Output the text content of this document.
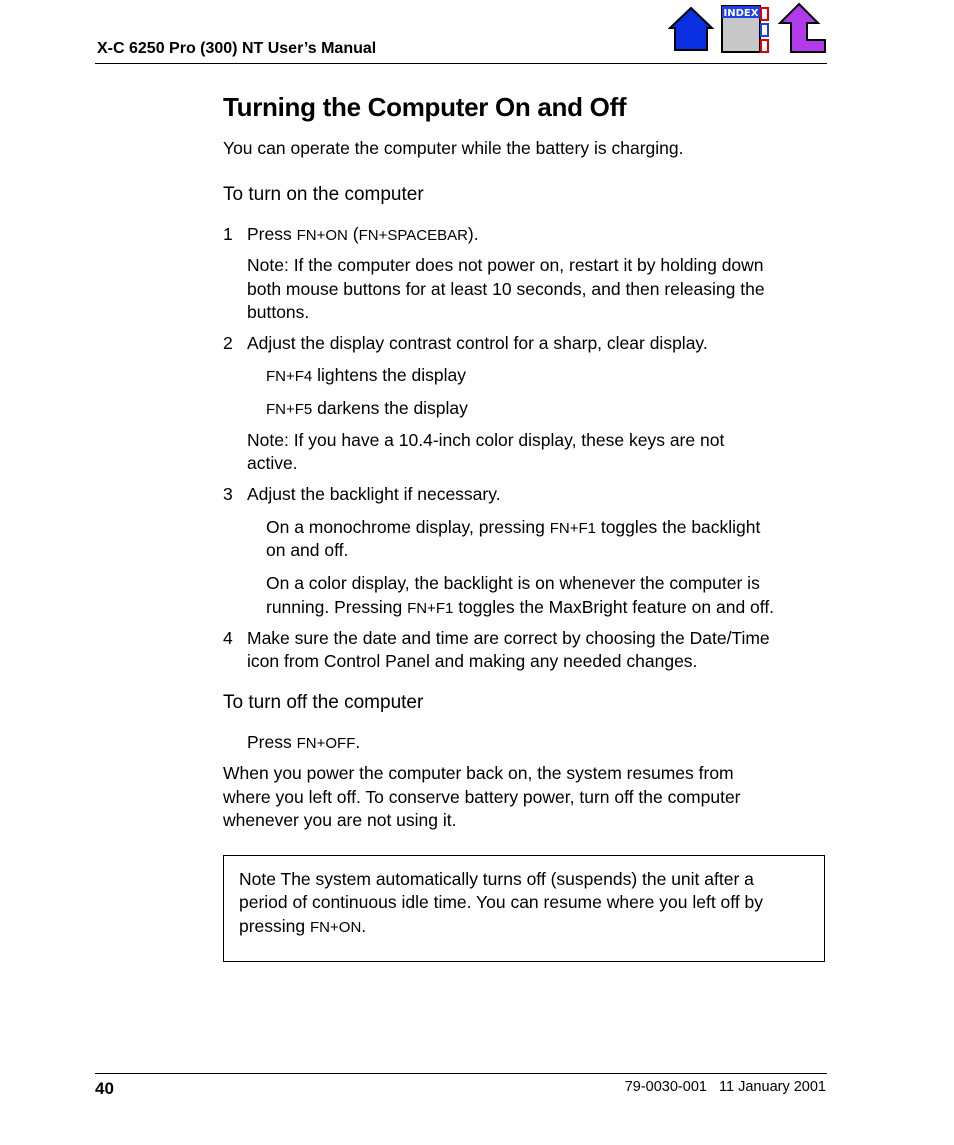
X-C 6250 Pro (300) NT User’s Manual
INDEX
Turning the Computer On and Off

You can operate the computer while the battery is charging.

To turn on the computer
1 Press FN+ON (FN+SPACEBAR).

Note: If the computer does not power on, restart it by holding down

both mouse buttons for at least 10 seconds, and then releasing the

buttons.

2 Adjust the display contrast control for a sharp, clear display.

FN+F4 lightens the display

FN+F5 darkens the display

Note: If you have a 10.4-inch color display, these keys are not

active.

3 Adjust the backlight if necessary.

On a monochrome display, pressing FN+F1 toggles the backlight

on and off.

On a color display, the backlight is on whenever the computer is

running. Pressing FN+F1 toggles the MaxBright feature on and off.

4 Make sure the date and time are correct by choosing the Date/Time

icon from Control Panel and making any needed changes.

To turn off the computer

Press FN+OFF.

When you power the computer back on, the system resumes from

where you left off. To conserve battery power, turn off the computer

whenever you are not using it.

Note The system automatically turns off (suspends) the unit after a

period of continuous idle time. You can resume where you left off by

pressing FN+ON.

40	79-0030-001   11 January 2001
